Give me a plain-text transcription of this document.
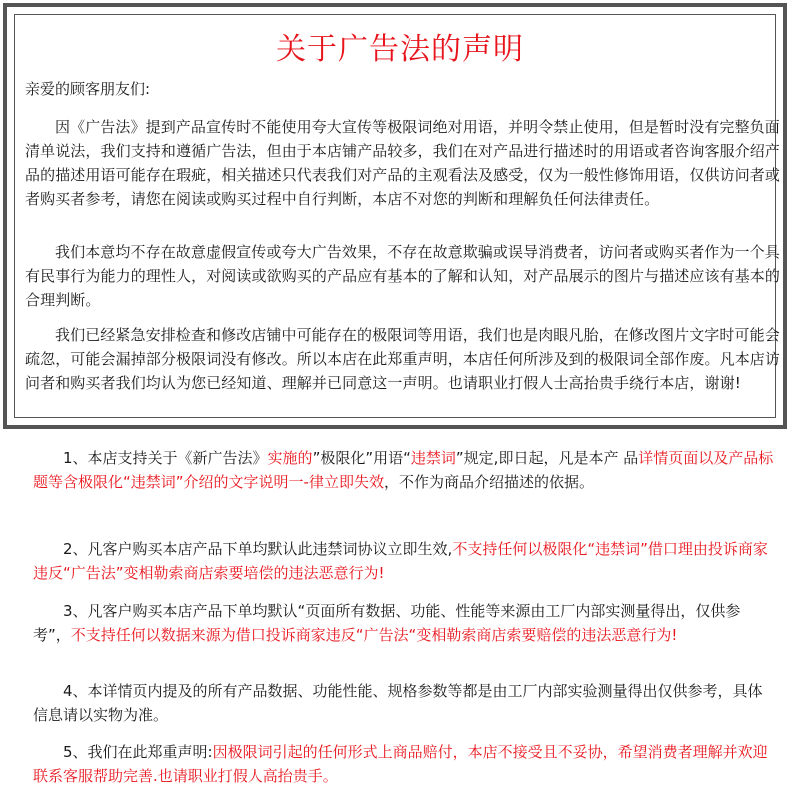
关于广告法的声明
亲爱的顾客朋友们:

因《广告法》提到产品宣传时不能使用夸大宣传等极限词绝对用语，并明令禁止使用，但是暂时没有完整负面清单说法，我们支持和遵循广告法，但由于本店铺产品较多，我们在对产品进行描述时的用语或者咨询客服介绍产品的描述用语可能存在瑕疵，相关描述只代表我们对产品的主观看法及感受，仅为一般性修饰用语，仅供访问者或者购买者参考，请您在阅读或购买过程中自行判断，本店不对您的判断和理解负任何法律责任。

我们本意均不存在故意虚假宣传或夸大广告效果，不存在故意欺骗或误导消费者，访问者或购买者作为一个具有民事行为能力的理性人，对阅读或欲购买的产品应有基本的了解和认知，对产品展示的图片与描述应该有基本的合理判断。

我们已经紧急安排检查和修改店铺中可能存在的极限词等用语，我们也是肉眼凡胎，在修改图片文字时可能会疏忽，可能会漏掉部分极限词没有修改。所以本店在此郑重声明，本店任何所涉及到的极限词全部作废。凡本店访问者和购买者我们均认为您已经知道、理解并已同意这一声明。也请职业打假人士高抬贵手绕行本店，谢谢!

1、本店支持关于《新广告法》实施的”极限化”用语“违禁词”规定,即日起，凡是本产 品详情页面以及产品标题等含极限化“违禁词”介绍的文字说明一-律立即失效，不作为商品介绍描述的依据。

2、凡客户购买本店产品下单均默认此违禁词协议立即生效,不支持任何以极限化“违禁词”借口理由投诉商家违反“广告法”变相勒索商店索要培偿的违法恶意行为!

3、凡客户购买本店产品下单均默认“页面所有数据、功能、性能等来源由工厂内部实测量得出，仅供参考”，不支持任何以数据来源为借口投诉商家违反“广告法“变相勒索商店索要赔偿的违法恶意行为!

4、本详情页内提及的所有产品数据、功能性能、规格参数等都是由工厂内部实验测量得出仅供参考，具体信息请以实物为准。

5、我们在此郑重声明:因极限词引起的任何形式上商品赔付，本店不接受且不妥协，希望消费者理解并欢迎联系客服帮助完善.也请职业打假人高抬贵手。
